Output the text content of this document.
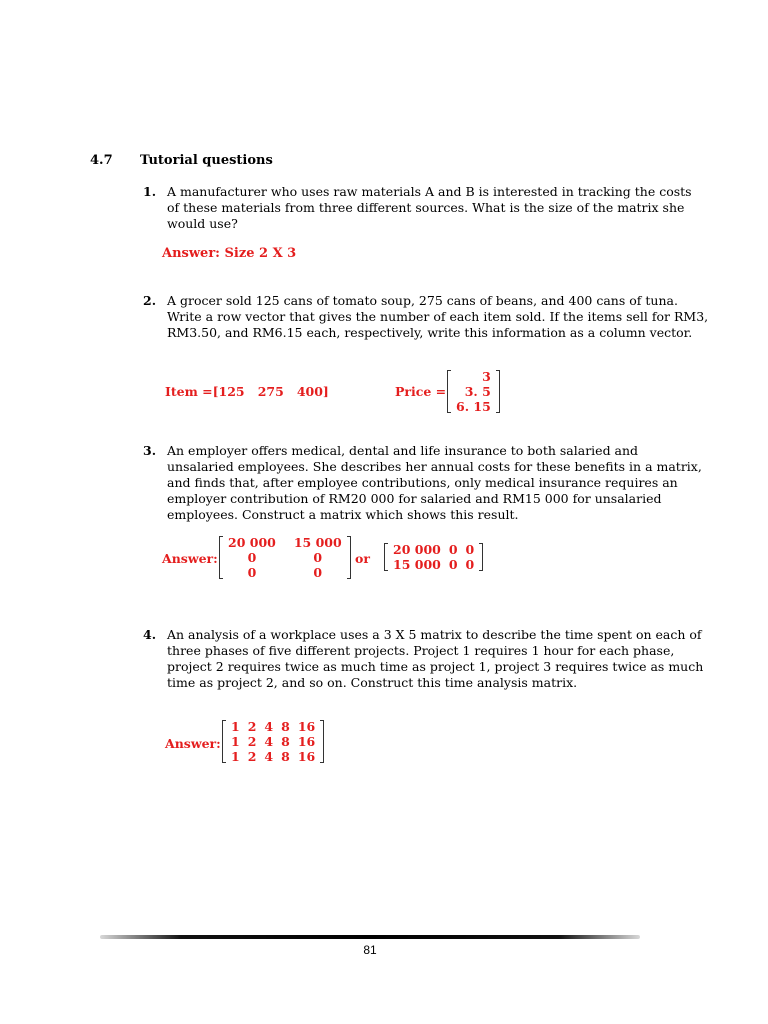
4.7 Tutorial questions
1. A manufacturer who uses raw materials A and B is interested in tracking the costs
of these materials from three different sources. What is the size of the matrix she
would use?
Answer: Size 2 X 3
2. A grocer sold 125 cans of tomato soup, 275 cans of beans, and 400 cans of tuna.
Write a row vector that gives the number of each item sold. If the items sell for RM3,
RM3.50, and RM6.15 each, respectively, write this information as a column vector.
Item =[125   275   400]	Price =
3
3. 5
6. 15
3. An employer offers medical, dental and life insurance to both salaried and
unsalaried employees. She describes her annual costs for these benefits in a matrix,
and finds that, after employee contributions, only medical insurance requires an
employer contribution of RM20 000 for salaried and RM15 000 for unsalaried
employees. Construct a matrix which shows this result.
Answer:
20 000	15 000
0	0
0	0
or
20 000	0	0
15 000	0	0
4. An analysis of a workplace uses a 3 X 5 matrix to describe the time spent on each of
three phases of five different projects. Project 1 requires 1 hour for each phase,
project 2 requires twice as much time as project 1, project 3 requires twice as much
time as project 2, and so on. Construct this time analysis matrix.
Answer:
1	2	4	8	16
1	2	4	8	16
1	2	4	8	16
81
